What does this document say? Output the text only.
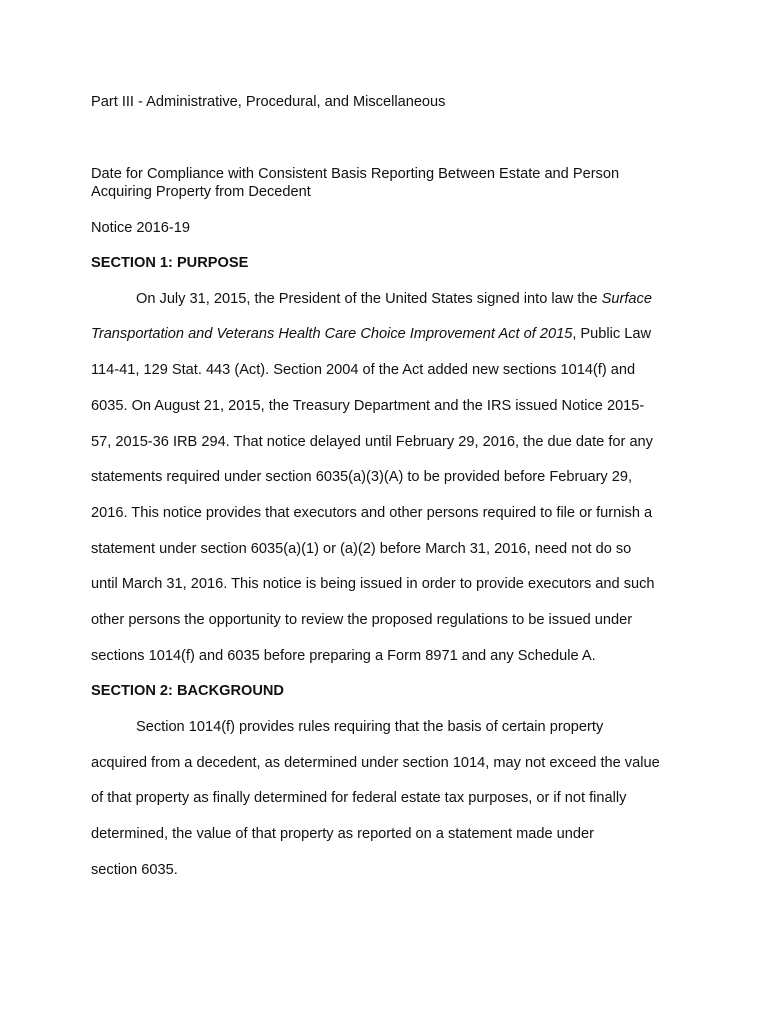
Part III - Administrative, Procedural, and Miscellaneous
Date for Compliance with Consistent Basis Reporting Between Estate and Person
Acquiring Property from Decedent
Notice 2016-19
SECTION 1: PURPOSE
On July 31, 2015, the President of the United States signed into law the Surface
Transportation and Veterans Health Care Choice Improvement Act of 2015, Public Law
114-41, 129 Stat. 443 (Act). Section 2004 of the Act added new sections 1014(f) and
6035. On August 21, 2015, the Treasury Department and the IRS issued Notice 2015-
57, 2015-36 IRB 294. That notice delayed until February 29, 2016, the due date for any
statements required under section 6035(a)(3)(A) to be provided before February 29,
2016. This notice provides that executors and other persons required to file or furnish a
statement under section 6035(a)(1) or (a)(2) before March 31, 2016, need not do so
until March 31, 2016. This notice is being issued in order to provide executors and such
other persons the opportunity to review the proposed regulations to be issued under
sections 1014(f) and 6035 before preparing a Form 8971 and any Schedule A.
SECTION 2: BACKGROUND
Section 1014(f) provides rules requiring that the basis of certain property
acquired from a decedent, as determined under section 1014, may not exceed the value
of that property as finally determined for federal estate tax purposes, or if not finally
determined, the value of that property as reported on a statement made under
section 6035.
